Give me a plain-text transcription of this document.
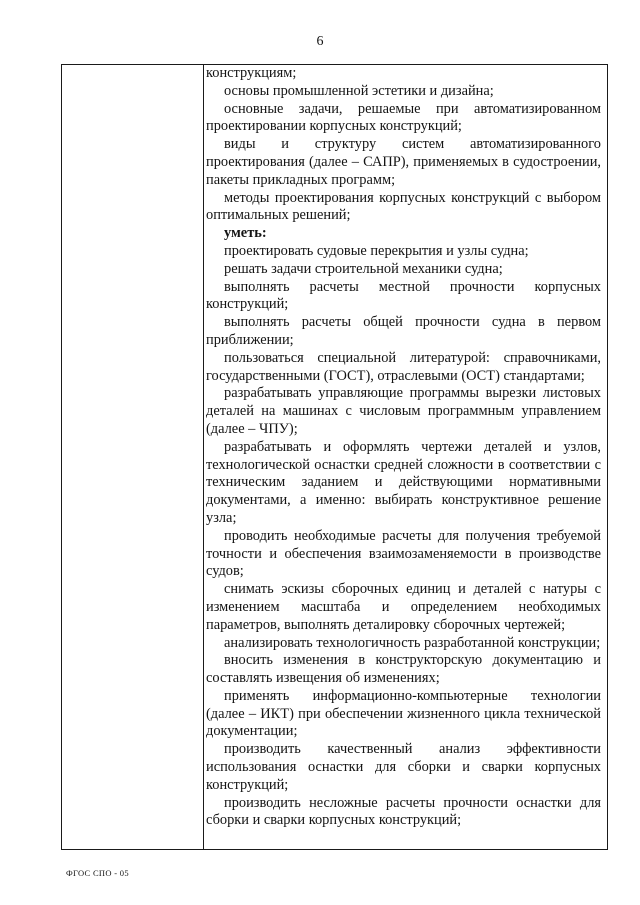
6

конструкциям;

основы промышленной эстетики и дизайна;

основные задачи, решаемые при автоматизированном проектировании корпусных конструкций;

виды и структуру систем автоматизированного проектирования (далее – САПР), применяемых в судостроении, пакеты прикладных программ;

методы проектирования корпусных конструкций с выбором оптимальных решений;

уметь:

проектировать судовые перекрытия и узлы судна;

решать задачи строительной механики судна;

выполнять расчеты местной прочности корпусных конструкций;

выполнять расчеты общей прочности судна в первом приближении;

пользоваться специальной литературой: справочниками, государственными (ГОСТ), отраслевыми (ОСТ) стандартами;

разрабатывать управляющие программы вырезки листовых деталей на машинах с числовым программным управлением (далее – ЧПУ);

разрабатывать и оформлять чертежи деталей и узлов, технологической оснастки средней сложности в соответствии с техническим заданием и действующими нормативными документами, а именно: выбирать конструктивное решение узла;

проводить необходимые расчеты для получения требуемой точности и обеспечения взаимозаменяемости в производстве судов;

снимать эскизы сборочных единиц и деталей с натуры с изменением масштаба и определением необходимых параметров, выполнять деталировку сборочных чертежей;

анализировать технологичность разработанной конструкции;

вносить изменения в конструкторскую документацию и составлять извещения об изменениях;

применять информационно-компьютерные технологии (далее – ИКТ) при обеспечении жизненного цикла технической документации;

производить качественный анализ эффективности использования оснастки для сборки и сварки корпусных конструкций;

производить несложные расчеты прочности оснастки для сборки и сварки корпусных конструкций;

ФГОС СПО - 05
